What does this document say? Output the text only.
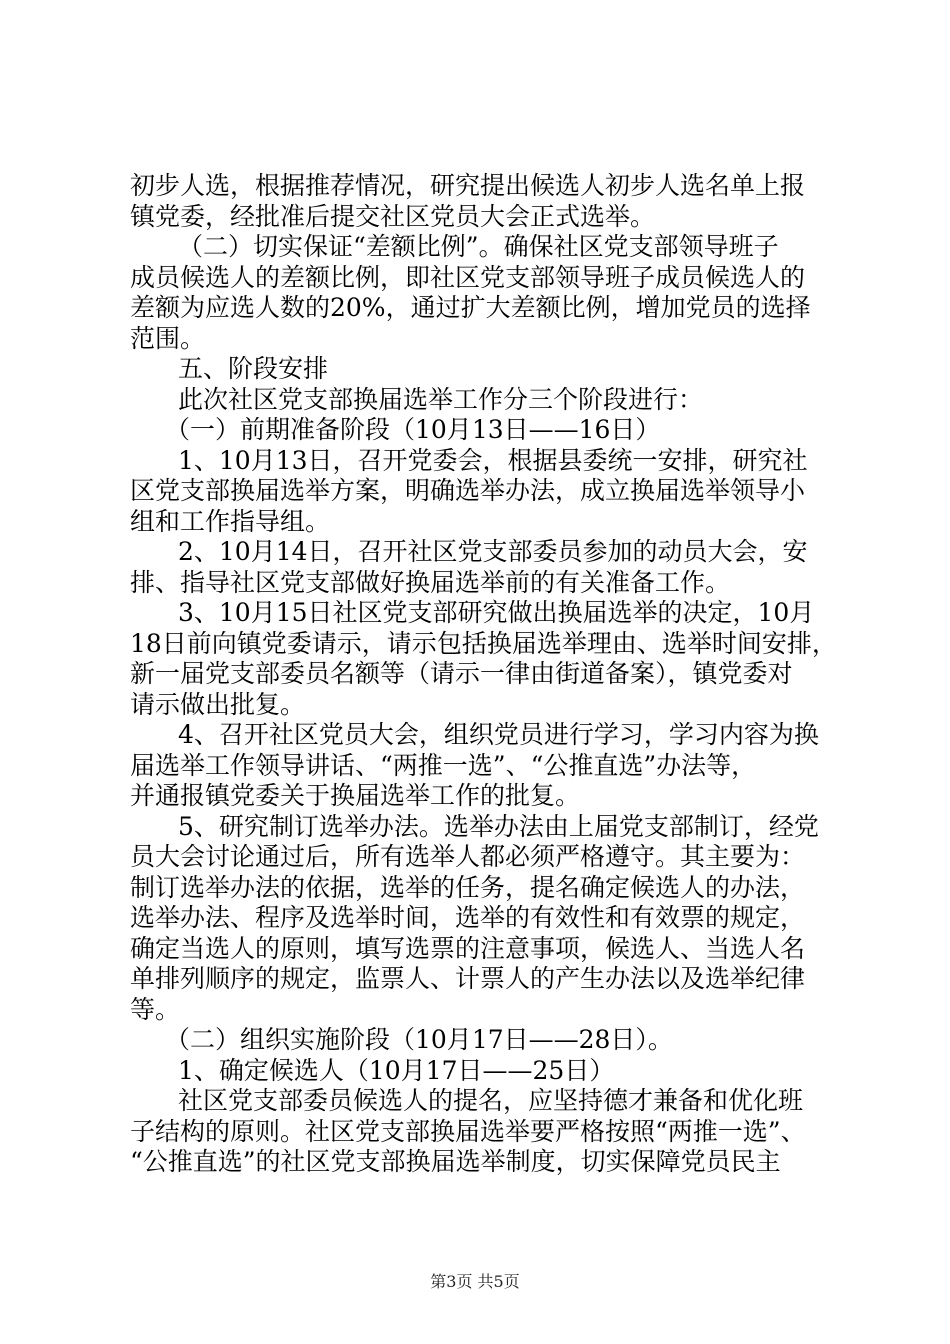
初步人选，根据推荐情况，研究提出候选人初步人选名单上报
镇党委，经批准后提交社区党员大会正式选举。
（二）切实保证“差额比例”。确保社区党支部领导班子
成员候选人的差额比例，即社区党支部领导班子成员候选人的
差额为应选人数的20%，通过扩大差额比例，增加党员的选择
范围。
五、阶段安排
此次社区党支部换届选举工作分三个阶段进行：
（一）前期准备阶段（10月13日——16日）
1、10月13日，召开党委会，根据县委统一安排，研究社
区党支部换届选举方案，明确选举办法，成立换届选举领导小
组和工作指导组。
2、10月14日，召开社区党支部委员参加的动员大会，安
排、指导社区党支部做好换届选举前的有关准备工作。
3、10月15日社区党支部研究做出换届选举的决定，10月
18日前向镇党委请示，请示包括换届选举理由、选举时间安排，
新一届党支部委员名额等（请示一律由街道备案），镇党委对
请示做出批复。
4、召开社区党员大会，组织党员进行学习，学习内容为换
届选举工作领导讲话、“两推一选”、“公推直选”办法等，
并通报镇党委关于换届选举工作的批复。
5、研究制订选举办法。选举办法由上届党支部制订，经党
员大会讨论通过后，所有选举人都必须严格遵守。其主要为：
制订选举办法的依据，选举的任务，提名确定候选人的办法，
选举办法、程序及选举时间，选举的有效性和有效票的规定，
确定当选人的原则，填写选票的注意事项，候选人、当选人名
单排列顺序的规定，监票人、计票人的产生办法以及选举纪律
等。
（二）组织实施阶段（10月17日——28日）。
1、确定候选人（10月17日——25日）
社区党支部委员候选人的提名，应坚持德才兼备和优化班
子结构的原则。社区党支部换届选举要严格按照“两推一选”、
“公推直选”的社区党支部换届选举制度，切实保障党员民主
第3页 共5页
